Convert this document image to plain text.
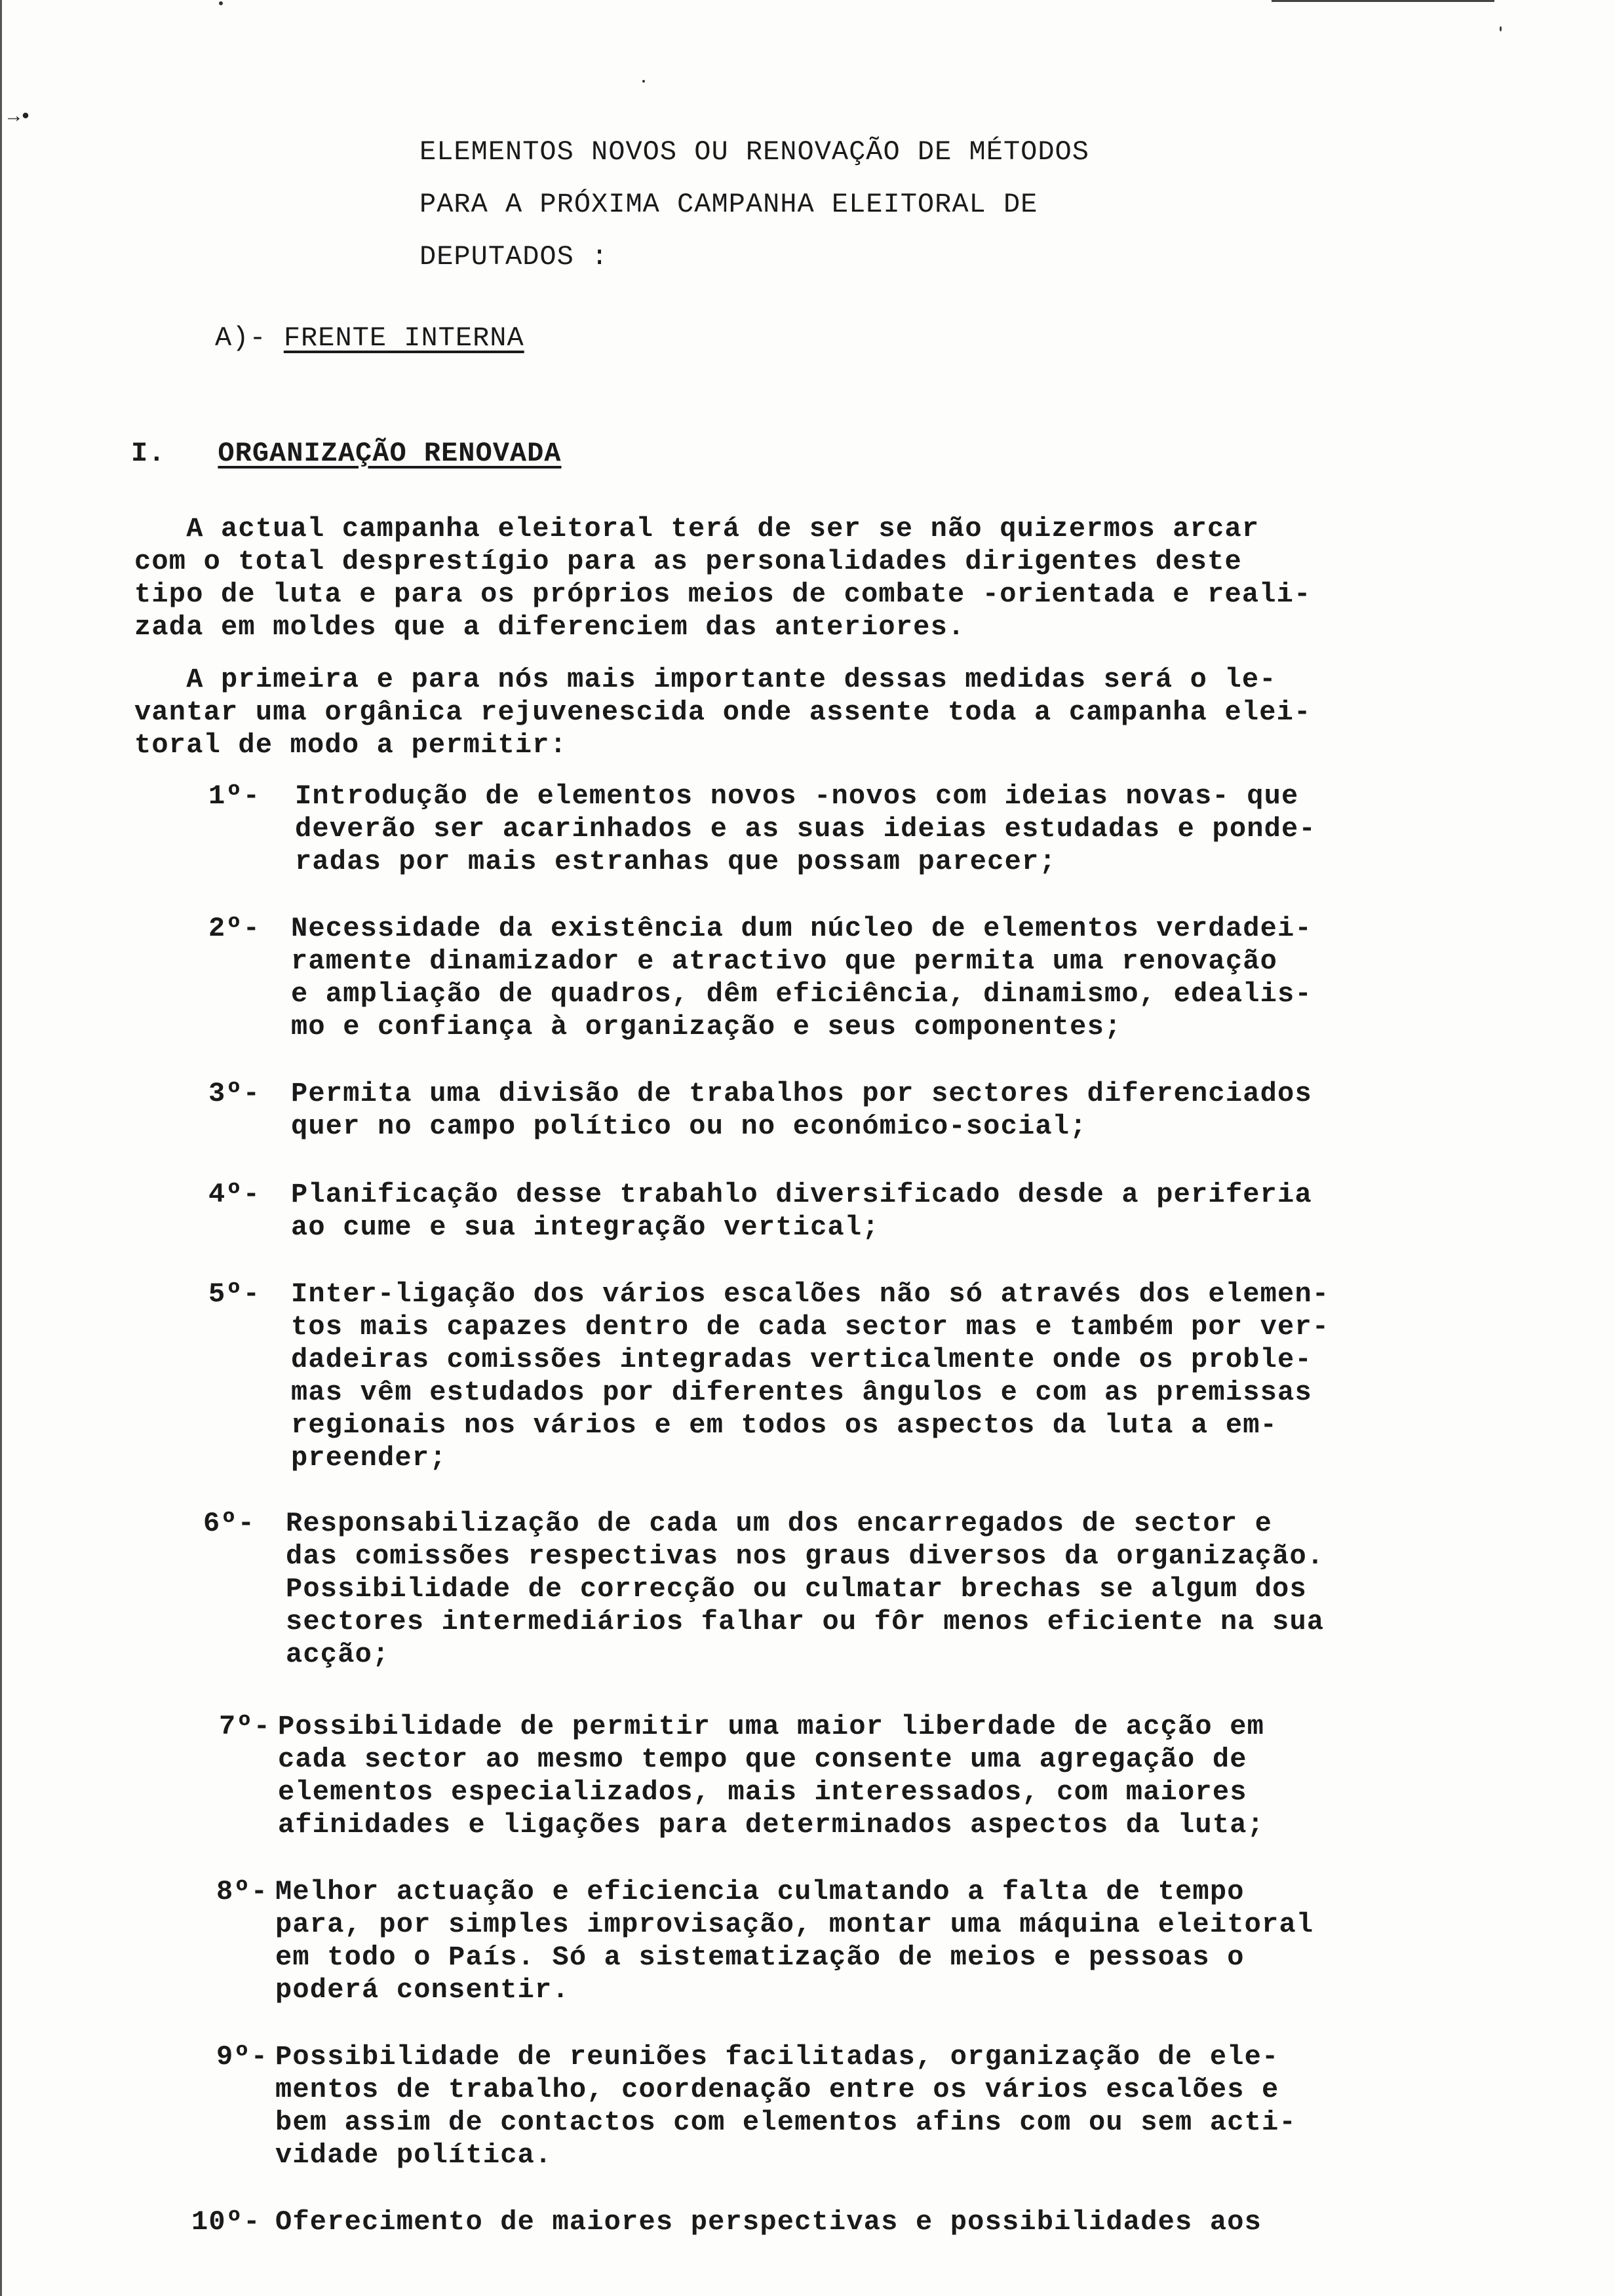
→•
ELEMENTOS NOVOS OU RENOVAÇÃO DE MÉTODOS
PARA A PRÓXIMA CAMPANHA ELEITORAL DE
DEPUTADOS :
A)- FRENTE INTERNA
I. ORGANIZAÇÃO RENOVADA
A actual campanha eleitoral terá de ser se não quizermos arcar
com o total desprestígio para as personalidades dirigentes deste
tipo de luta e para os próprios meios de combate -orientada e reali-
zada em moldes que a diferenciem das anteriores.
A primeira e para nós mais importante dessas medidas será o le-
vantar uma orgânica rejuvenescida onde assente toda a campanha elei-
toral de modo a permitir:
1º- Introdução de elementos novos -novos com ideias novas- que
deverão ser acarinhados e as suas ideias estudadas e ponde-
radas por mais estranhas que possam parecer;
2º- Necessidade da existência dum núcleo de elementos verdadei-
ramente dinamizador e atractivo que permita uma renovação
e ampliação de quadros, dêm eficiência, dinamismo, edealis-
mo e confiança à organização e seus componentes;
3º- Permita uma divisão de trabalhos por sectores diferenciados
quer no campo político ou no económico-social;
4º- Planificação desse trabahlo diversificado desde a periferia
ao cume e sua integração vertical;
5º- Inter-ligação dos vários escalões não só através dos elemen-
tos mais capazes dentro de cada sector mas e também por ver-
dadeiras comissões integradas verticalmente onde os proble-
mas vêm estudados por diferentes ângulos e com as premissas
regionais nos vários e em todos os aspectos da luta a em-
preender;
6º- Responsabilização de cada um dos encarregados de sector e
das comissões respectivas nos graus diversos da organização.
Possibilidade de correcção ou culmatar brechas se algum dos
sectores intermediários falhar ou fôr menos eficiente na sua
acção;
7º- Possibilidade de permitir uma maior liberdade de acção em
cada sector ao mesmo tempo que consente uma agregação de
elementos especializados, mais interessados, com maiores
afinidades e ligações para determinados aspectos da luta;
8º- Melhor actuação e eficiencia culmatando a falta de tempo
para, por simples improvisação, montar uma máquina eleitoral
em todo o País. Só a sistematização de meios e pessoas o
poderá consentir.
9º- Possibilidade de reuniões facilitadas, organização de ele-
mentos de trabalho, coordenação entre os vários escalões e
bem assim de contactos com elementos afins com ou sem acti-
vidade política.
10º- Oferecimento de maiores perspectivas e possibilidades aos
